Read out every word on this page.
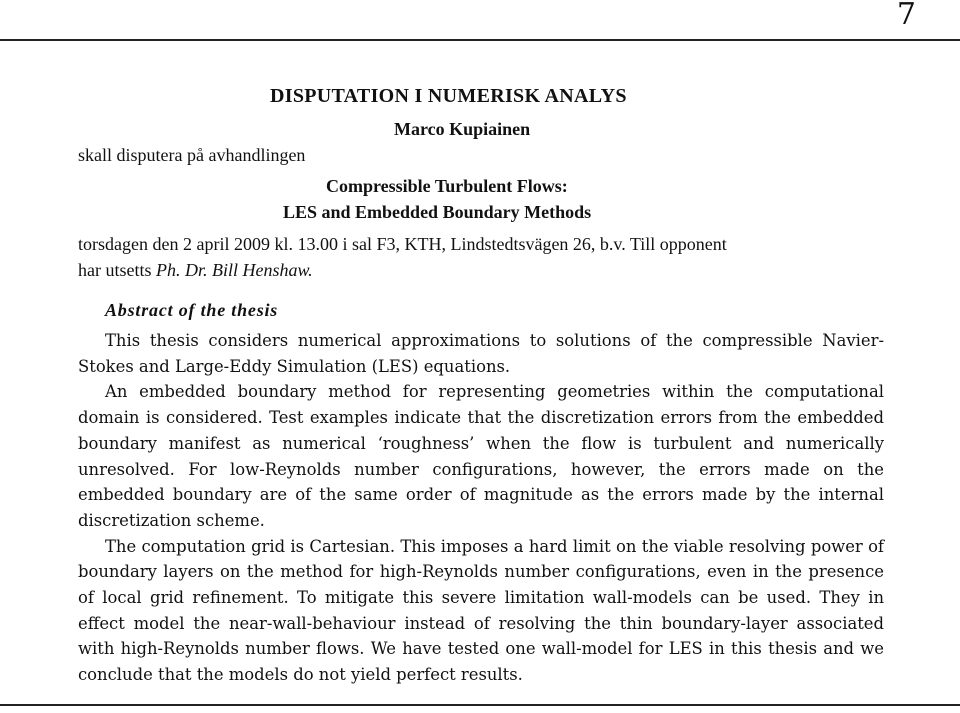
7
DISPUTATION I NUMERISK ANALYS
Marco Kupiainen
skall disputera på avhandlingen
Compressible Turbulent Flows:
LES and Embedded Boundary Methods
torsdagen den 2 april 2009 kl. 13.00 i sal F3, KTH, Lindstedtsvägen 26, b.v. Till opponent
har utsetts Ph. Dr. Bill Henshaw.
Abstract of the thesis

This thesis considers numerical approximations to solutions of the compressible Navier-Stokes and Large-Eddy Simulation (LES) equations.

An embedded boundary method for representing geometries within the computational domain is considered. Test examples indicate that the discretization errors from the embedded boundary manifest as numerical ‘roughness’ when the flow is turbulent and numerically unresolved. For low-Reynolds number configurations, however, the errors made on the embedded boundary are of the same order of magnitude as the errors made by the internal discretization scheme.

The computation grid is Cartesian. This imposes a hard limit on the viable resolving power of boundary layers on the method for high-Reynolds number configurations, even in the presence of local grid refinement. To mitigate this severe limitation wall-models can be used. They in effect model the near-wall-behaviour instead of resolving the thin boundary-layer associated with high-Reynolds number flows. We have tested one wall-model for LES in this thesis and we conclude that the models do not yield perfect results.
